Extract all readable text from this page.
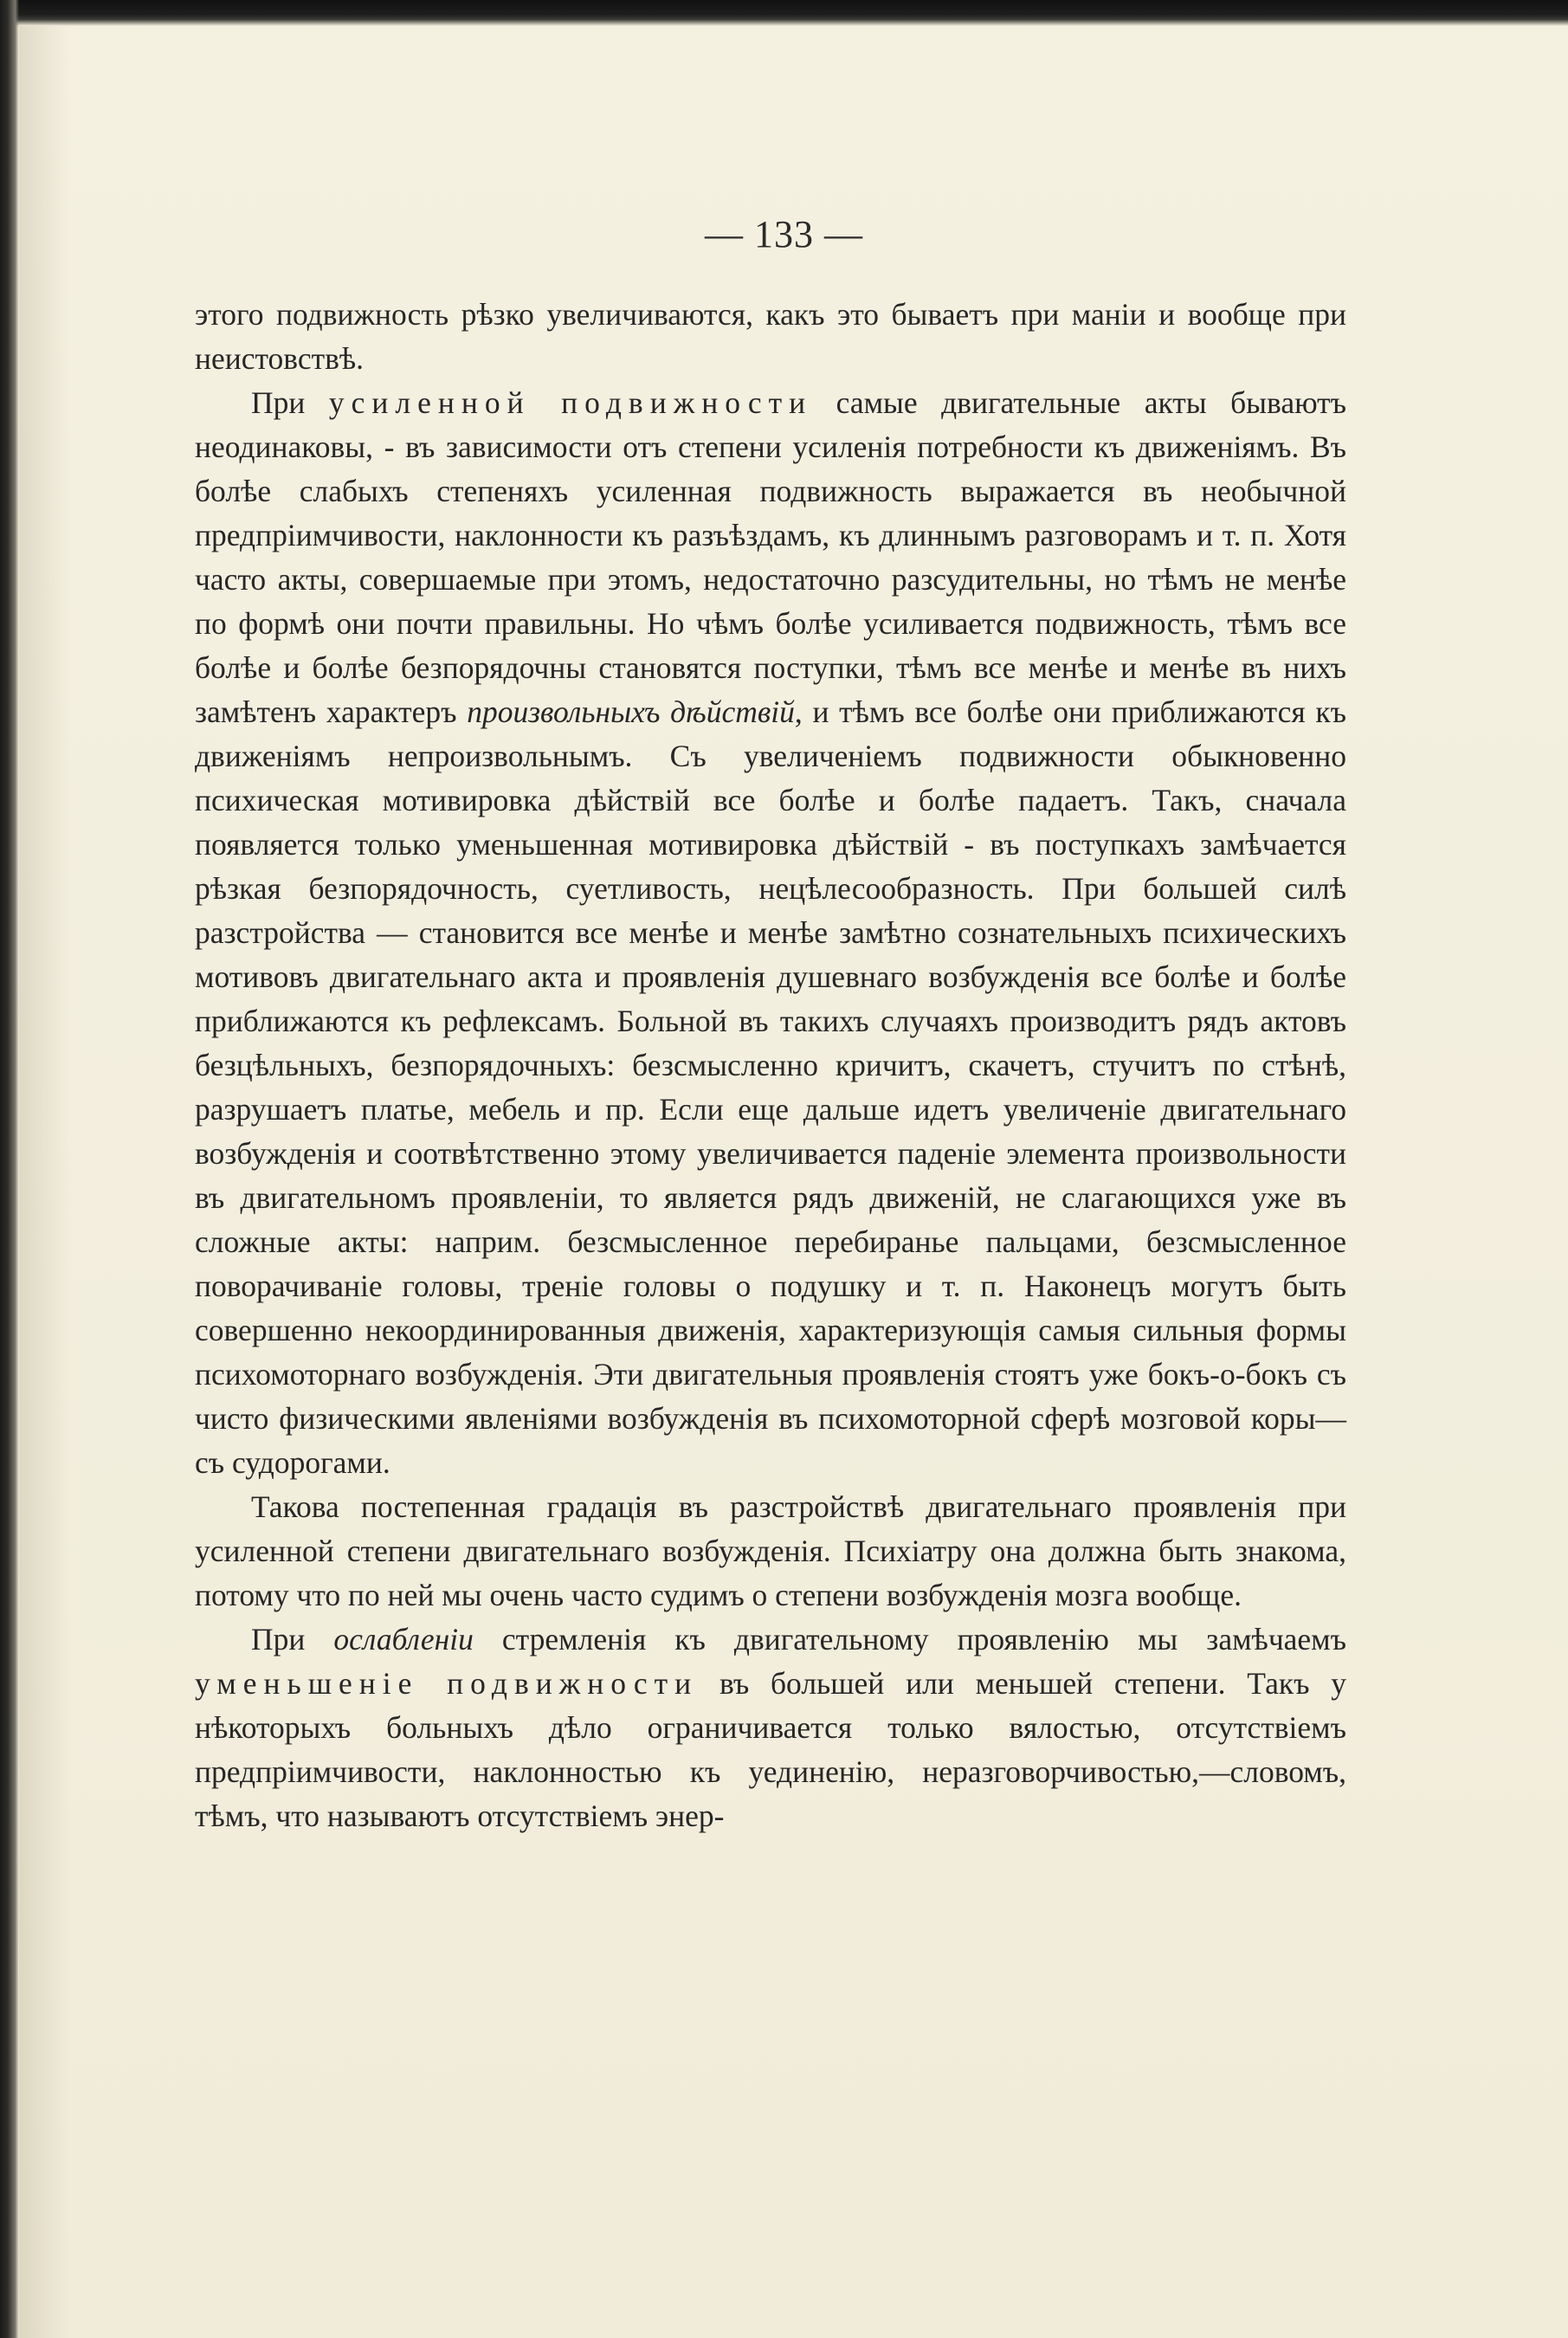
— 133 —

этого подвижность рѣзко увеличиваются, какъ это бываетъ при маніи и вообще при неистовствѣ.

При усиленной подвижности самые двигательные акты бываютъ неодинаковы, - въ зависимости отъ степени усиленія потребности къ движеніямъ. Въ болѣе слабыхъ степеняхъ усиленная подвижность выражается въ необычной предпріимчивости, наклонности къ разъѣздамъ, къ длиннымъ разговорамъ и т. п. Хотя часто акты, совершаемые при этомъ, недостаточно разсудительны, но тѣмъ не менѣе по формѣ они почти правильны. Но чѣмъ болѣе усиливается подвижность, тѣмъ все болѣе и болѣе безпорядочны становятся поступки, тѣмъ все менѣе и менѣе въ нихъ замѣтенъ характеръ произвольныхъ дѣйствій, и тѣмъ все болѣе они приближаются къ движеніямъ непроизвольнымъ. Съ увеличеніемъ подвижности обыкновенно психическая мотивировка дѣйствій все болѣе и болѣе падаетъ. Такъ, сначала появляется только уменьшенная мотивировка дѣйствій - въ поступкахъ замѣчается рѣзкая безпорядочность, суетливость, нецѣлесообразность. При большей силѣ разстройства — становится все менѣе и менѣе замѣтно сознательныхъ психическихъ мотивовъ двигательнаго акта и проявленія душевнаго возбужденія все болѣе и болѣе приближаются къ рефлексамъ. Больной въ такихъ случаяхъ производитъ рядъ актовъ безцѣльныхъ, безпорядочныхъ: безсмысленно кричитъ, скачетъ, стучитъ по стѣнѣ, разрушаетъ платье, мебель и пр. Если еще дальше идетъ увеличеніе двигательнаго возбужденія и соотвѣтственно этому увеличивается паденіе элемента произвольности въ двигательномъ проявленіи, то является рядъ движеній, не слагающихся уже въ сложные акты: наприм. безсмысленное перебиранье пальцами, безсмысленное поворачиваніе головы, треніе головы о подушку и т. п. Наконецъ могутъ быть совершенно некоординированныя движенія, характеризующія самыя сильныя формы психомоторнаго возбужденія. Эти двигательныя проявленія стоятъ уже бокъ-о-бокъ съ чисто физическими явленіями возбужденія въ психомоторной сферѣ мозговой коры—съ судорогами.

Такова постепенная градація въ разстройствѣ двигательнаго проявленія при усиленной степени двигательнаго возбужденія. Психіатру она должна быть знакома, потому что по ней мы очень часто судимъ о степени возбужденія мозга вообще.

При ослабленіи стремленія къ двигательному проявленію мы замѣчаемъ уменьшеніе подвижности въ большей или меньшей степени. Такъ у нѣкоторыхъ больныхъ дѣло ограничивается только вялостью, отсутствіемъ предпріимчивости, наклонностью къ уединенію, неразговорчивостью,—словомъ, тѣмъ, что называютъ отсутствіемъ энер-
